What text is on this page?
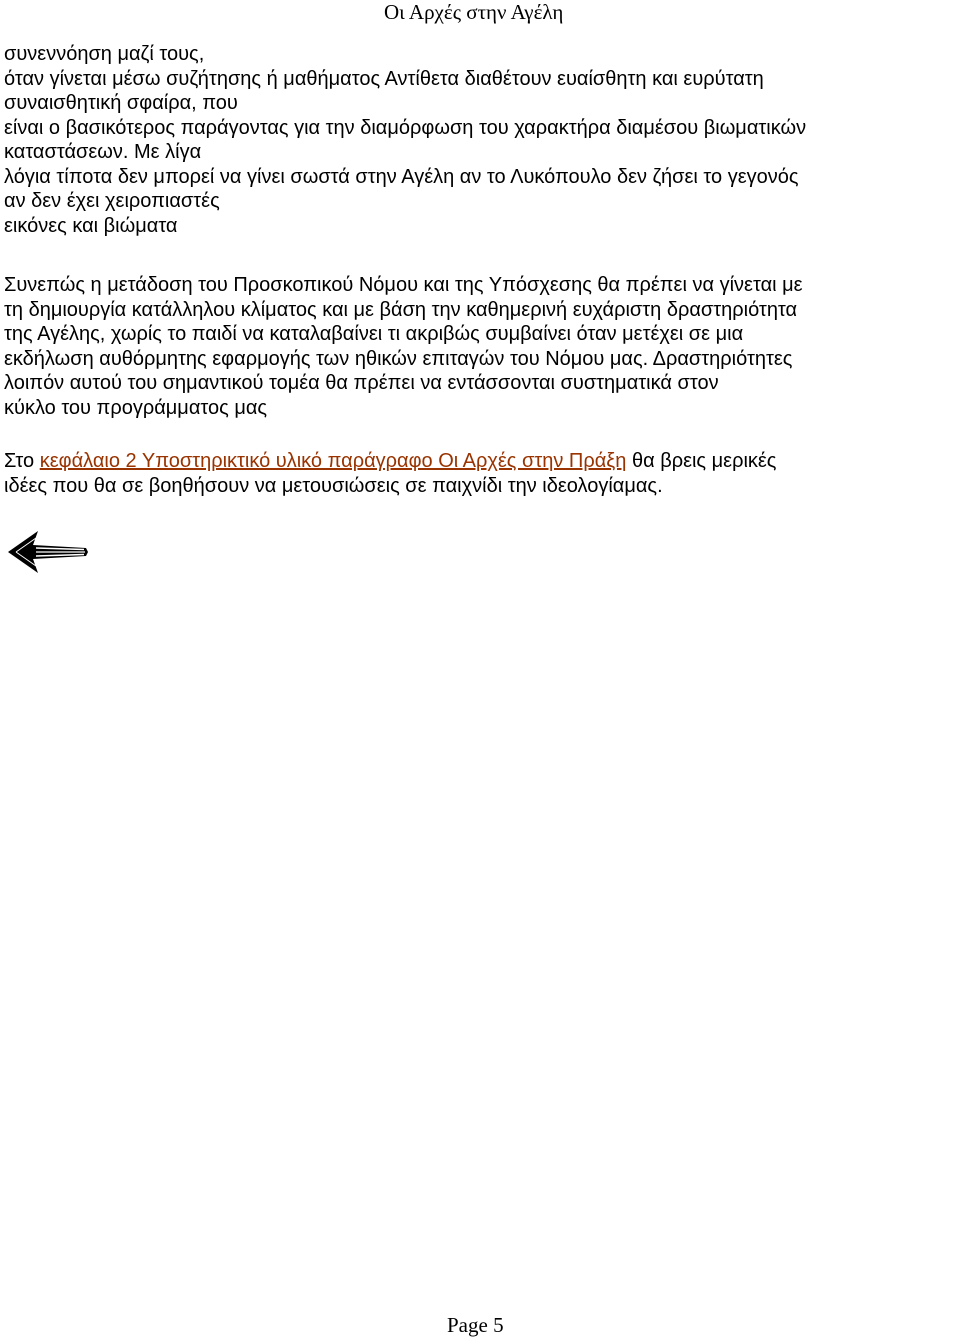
Οι Αρχές στην Αγέλη
συνεννόηση μαζί τους,
όταν γίνεται μέσω συζήτησης ή μαθήματος Αντίθετα διαθέτουν ευαίσθητη και ευρύτατη
συναισθητική σφαίρα, που
είναι ο βασικότερος παράγοντας για την διαμόρφωση του χαρακτήρα διαμέσου βιωματικών
καταστάσεων. Με λίγα
λόγια τίποτα δεν μπορεί να γίνει σωστά στην Αγέλη αν το Λυκόπουλο δεν ζήσει το γεγονός
αν δεν έχει χειροπιαστές
εικόνες και βιώματα
Συνεπώς η μετάδοση του Προσκοπικού Νόμου και της Υπόσχεσης θα πρέπει να γίνεται με
τη δημιουργία κατάλληλου κλίματος και με βάση την καθημερινή ευχάριστη δραστηριότητα
της Αγέλης, χωρίς το παιδί να καταλαβαίνει τι ακριβώς συμβαίνει όταν μετέχει σε μια
εκδήλωση αυθόρμητης εφαρμογής των ηθικών επιταγών του Νόμου μας. Δραστηριότητες
λοιπόν αυτού του σημαντικού τομέα θα πρέπει να εντάσσονται συστηματικά στον
κύκλο του προγράμματος μας
Στο κεφάλαιο 2 Υποστηρικτικό υλικό παράγραφο Οι Αρχές στην Πράξη θα βρεις μερικές
ιδέες που θα σε βοηθήσουν να μετουσιώσεις σε παιχνίδι την ιδεολογίαμας.
Page 5
